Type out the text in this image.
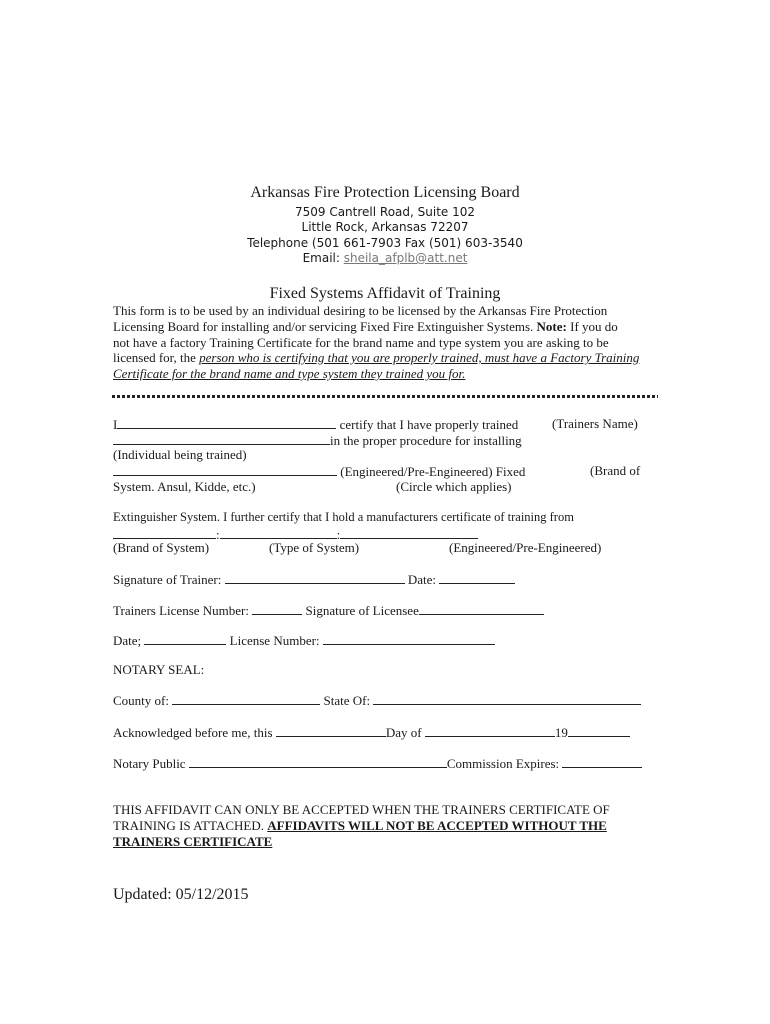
Arkansas Fire Protection Licensing Board
7509 Cantrell Road, Suite 102
Little Rock, Arkansas 72207
Telephone (501 661-7903 Fax (501) 603-3540
Email: sheila_afplb@att.net
Fixed Systems Affidavit of Training
This form is to be used by an individual desiring to be licensed by the Arkansas Fire Protection
Licensing Board for installing and/or servicing Fixed Fire Extinguisher Systems. Note: If you do
not have a factory Training Certificate for the brand name and type system you are asking to be
licensed for, the person who is certifying that you are properly trained, must have a Factory Training
Certificate for the brand name and type system they trained you for.
I	certify that I have properly trained	(Trainers Name)
in the proper procedure for installing
(Individual being trained)
(Engineered/Pre-Engineered) Fixed	(Brand of
System. Ansul, Kidde, etc.)	(Circle which applies)
Extinguisher System. I further certify that I hold a manufacturers certificate of training from
:	:
(Brand of System)	(Type of System)	(Engineered/Pre-Engineered)
Signature of Trainer:	Date:
Trainers License Number:	Signature of Licensee
Date;	License Number:
NOTARY SEAL:
County of:	State Of:
Acknowledged before me, this	Day of	19
Notary Public	Commission Expires:
THIS AFFIDAVIT CAN ONLY BE ACCEPTED WHEN THE TRAINERS CERTIFICATE OF
TRAINING IS ATTACHED. AFFIDAVITS WILL NOT BE ACCEPTED WITHOUT THE
TRAINERS CERTIFICATE
Updated: 05/12/2015
